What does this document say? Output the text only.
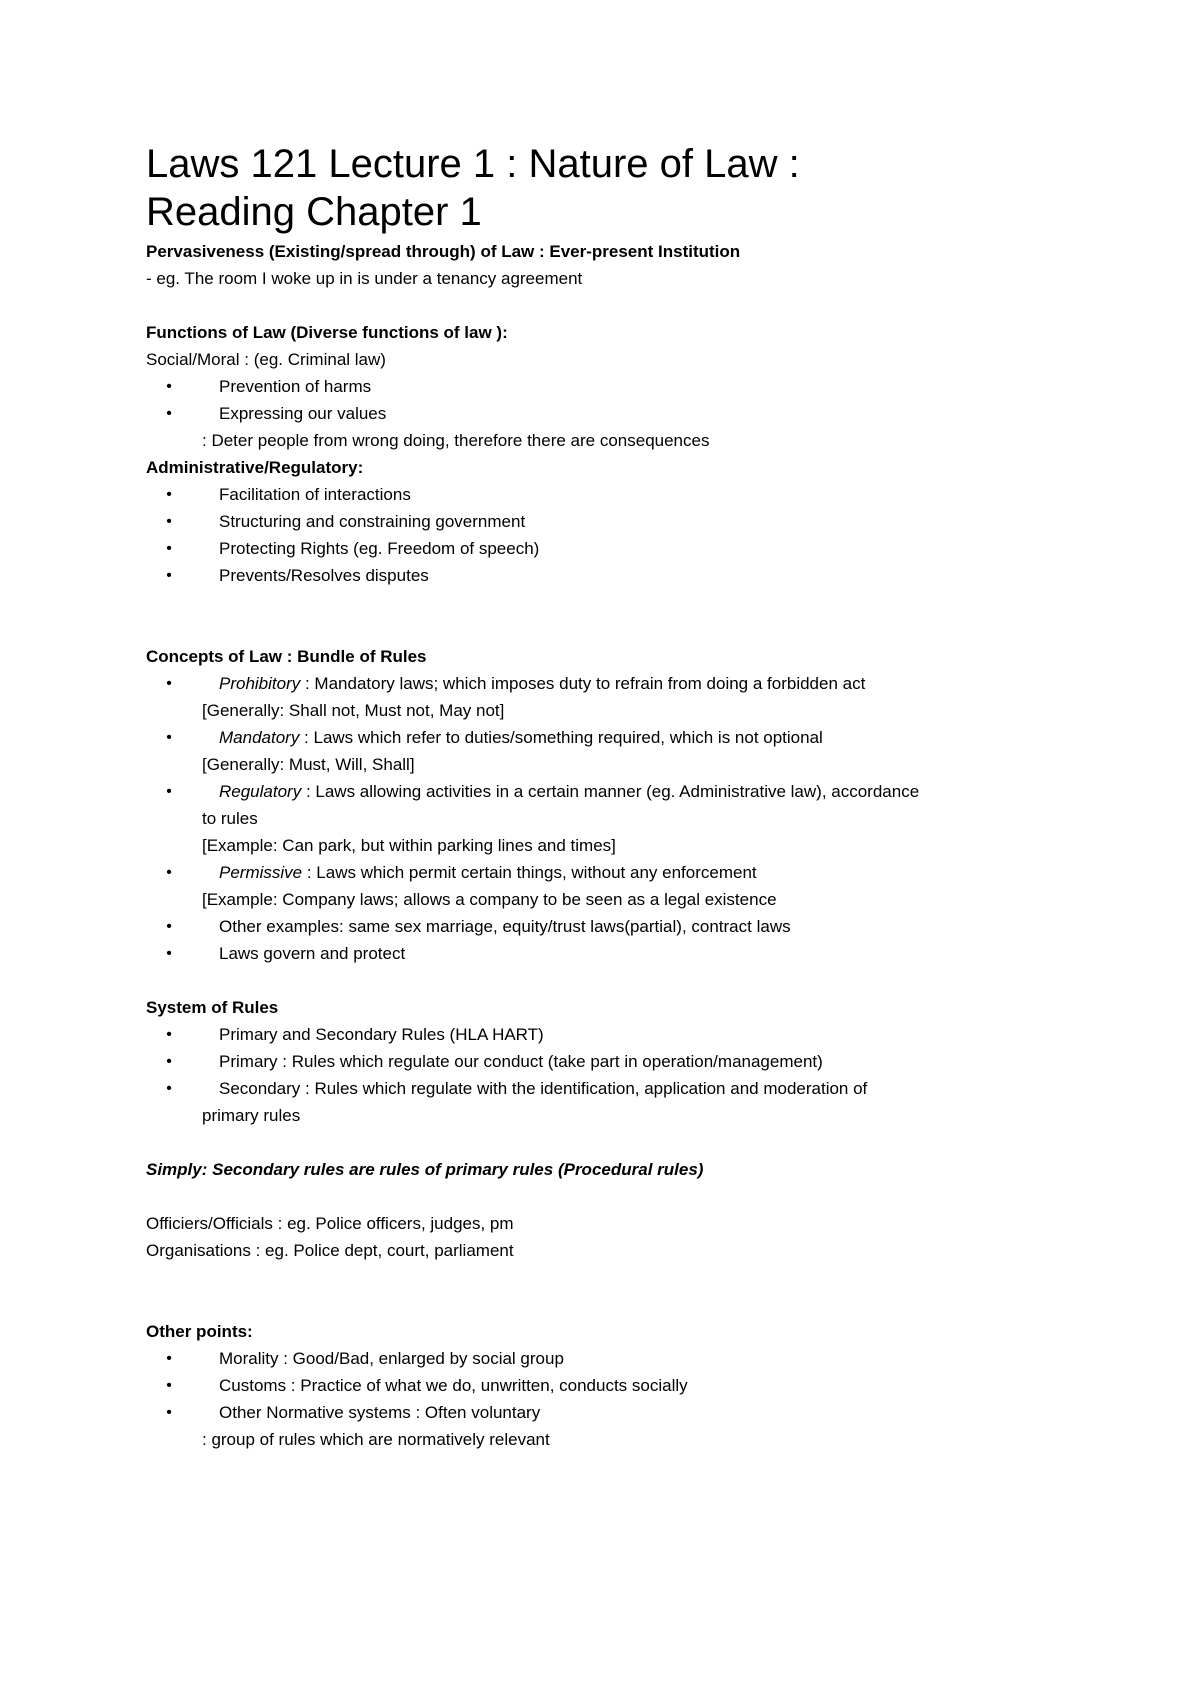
Laws 121 Lecture 1 : Nature of Law :
Reading Chapter 1
Pervasiveness (Existing/spread through) of Law : Ever-present Institution
- eg. The room I woke up in is under a tenancy agreement
Functions of Law (Diverse functions of law ):
Social/Moral : (eg. Criminal law)
•	Prevention of harms
•	Expressing our values
: Deter people from wrong doing, therefore there are consequences
Administrative/Regulatory:
•	Facilitation of interactions
•	Structuring and constraining government
•	Protecting Rights (eg. Freedom of speech)
•	Prevents/Resolves disputes
Concepts of Law : Bundle of Rules
•	Prohibitory : Mandatory laws; which imposes duty to refrain from doing a forbidden act
[Generally: Shall not, Must not, May not]
•	Mandatory : Laws which refer to duties/something required, which is not optional
[Generally: Must, Will, Shall]
•	Regulatory : Laws allowing activities in a certain manner (eg. Administrative law), accordance
to rules
[Example: Can park, but within parking lines and times]
•	Permissive : Laws which permit certain things, without any enforcement
[Example: Company laws; allows a company to be seen as a legal existence
•	Other examples: same sex marriage, equity/trust laws(partial), contract laws
•	Laws govern and protect
System of Rules
•	Primary and Secondary Rules (HLA HART)
•	Primary : Rules which regulate our conduct (take part in operation/management)
•	Secondary : Rules which regulate with the identification, application and moderation of
primary rules
Simply: Secondary rules are rules of primary rules (Procedural rules)
Officiers/Officials : eg. Police officers, judges, pm
Organisations : eg. Police dept, court, parliament
Other points:
•	Morality : Good/Bad, enlarged by social group
•	Customs : Practice of what we do, unwritten, conducts socially
•	Other Normative systems : Often voluntary
: group of rules which are normatively relevant
